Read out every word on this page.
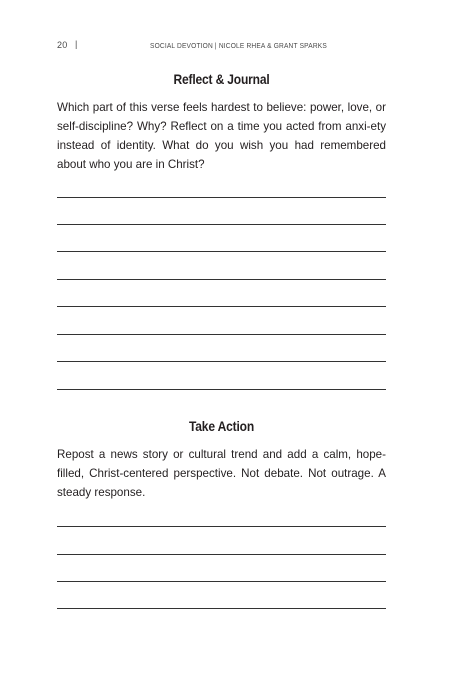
20 |	SOCIAL DEVOTION | NICOLE RHEA & GRANT SPARKS
Reflect & Journal

Which part of this verse feels hardest to believe: power, love, or self-discipline? Why? Reflect on a time you acted from anxi-ety instead of identity. What do you wish you had remembered about who you are in Christ?

Take Action

Repost a news story or cultural trend and add a calm, hope-filled, Christ-centered perspective. Not debate. Not outrage. A steady response.
